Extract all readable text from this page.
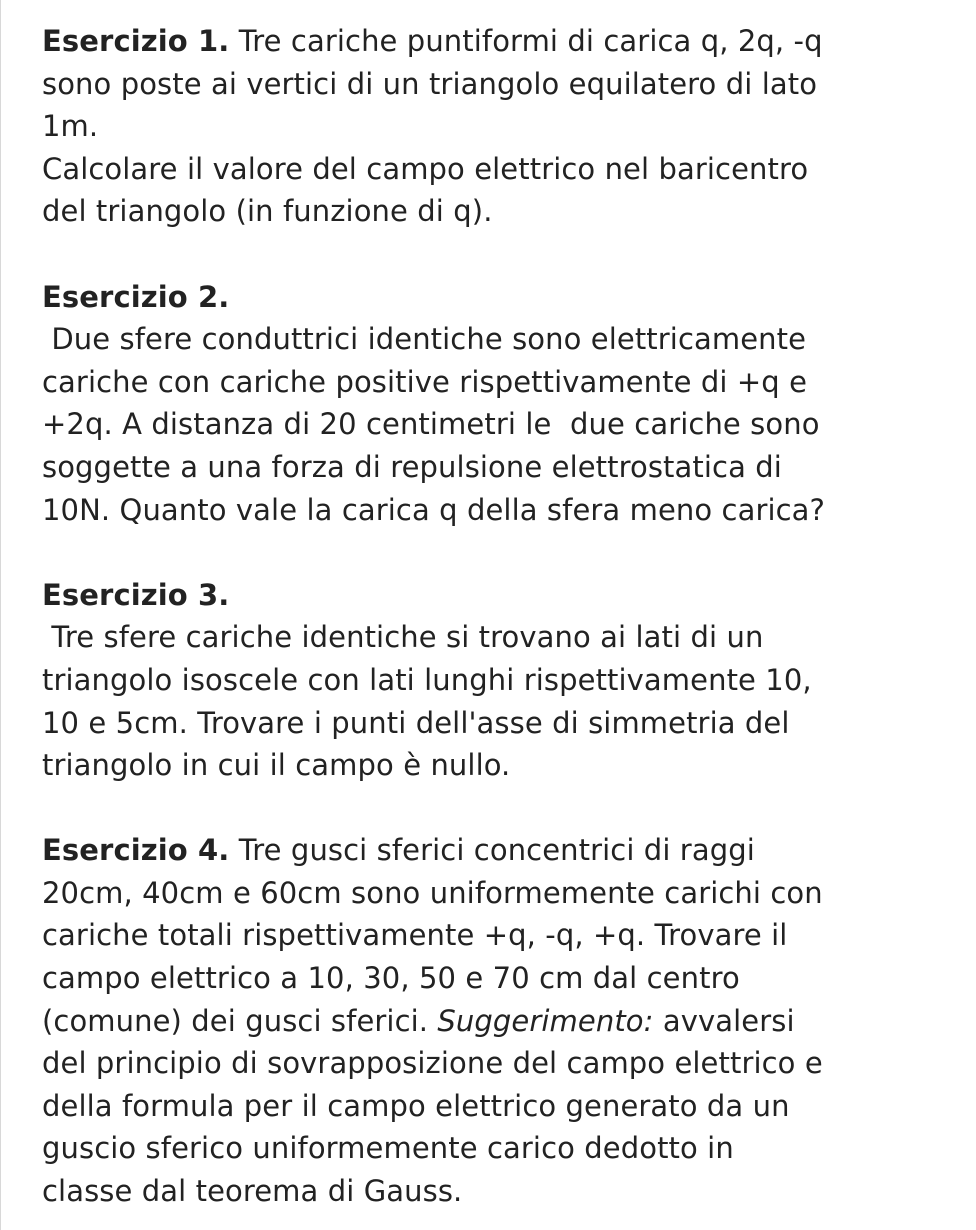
Esercizio 1. Tre cariche puntiformi di carica q, 2q, -q
sono poste ai vertici di un triangolo equilatero di lato
1m.
Calcolare il valore del campo elettrico nel baricentro
del triangolo (in funzione di q).
Esercizio 2.
Due sfere conduttrici identiche sono elettricamente
cariche con cariche positive rispettivamente di +q e
+2q. A distanza di 20 centimetri le  due cariche sono
soggette a una forza di repulsione elettrostatica di
10N. Quanto vale la carica q della sfera meno carica?
Esercizio 3.
Tre sfere cariche identiche si trovano ai lati di un
triangolo isoscele con lati lunghi rispettivamente 10,
10 e 5cm. Trovare i punti dell'asse di simmetria del
triangolo in cui il campo è nullo.
Esercizio 4. Tre gusci sferici concentrici di raggi
20cm, 40cm e 60cm sono uniformemente carichi con
cariche totali rispettivamente +q, -q, +q. Trovare il
campo elettrico a 10, 30, 50 e 70 cm dal centro
(comune) dei gusci sferici. Suggerimento: avvalersi
del principio di sovrapposizione del campo elettrico e
della formula per il campo elettrico generato da un
guscio sferico uniformemente carico dedotto in
classe dal teorema di Gauss.
